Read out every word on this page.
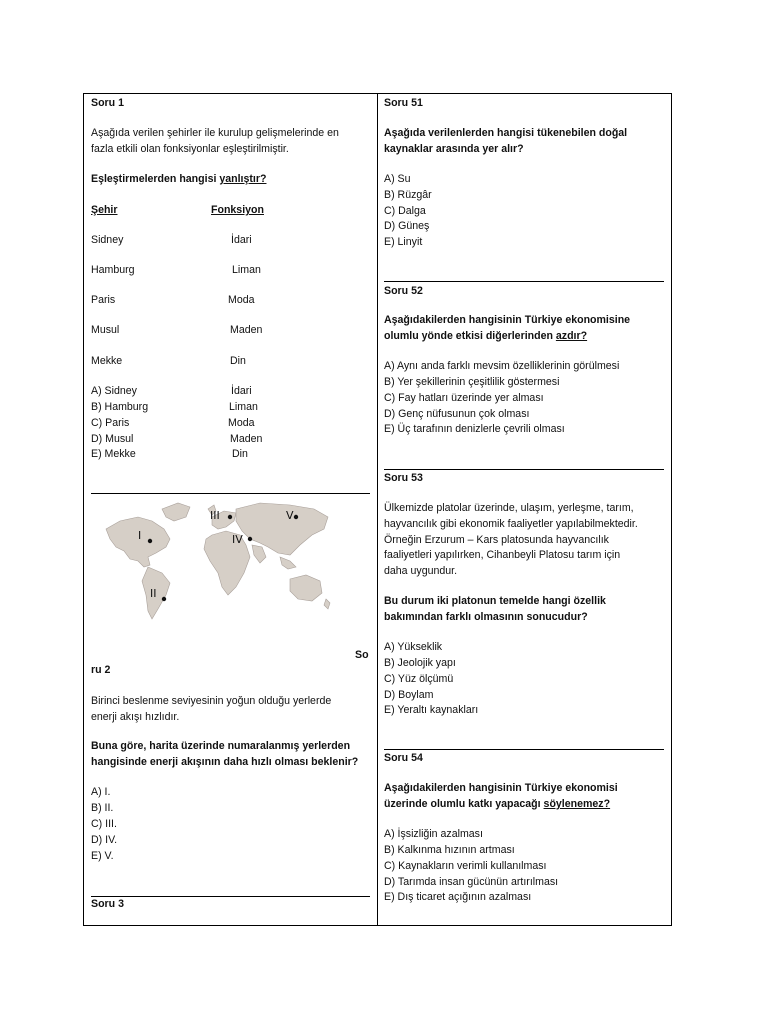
Soru 1
Aşağıda verilen şehirler ile kurulup gelişmelerinde en
fazla etkili olan fonksiyonlar eşleştirilmiştir.
Eşleştirmelerden hangisi yanlıştır?
Şehir	Fonksiyon
Sidney	İdari
Hamburg	Liman
Paris	Moda
Musul	Maden
Mekke	Din
A) Sidney	İdari
B) Hamburg	Liman
C) Paris	Moda
D) Musul	Maden
E) Mekke	Din
I
II
III
IV
V
So
ru 2
Birinci beslenme seviyesinin yoğun olduğu yerlerde
enerji akışı hızlıdır.
Buna göre, harita üzerinde numaralanmış yerlerden
hangisinde enerji akışının daha hızlı olması beklenir?
A) I.
B) II.
C) III.
D) IV.
E) V.
Soru 3
Soru 51
Aşağıda verilenlerden hangisi tükenebilen doğal
kaynaklar arasında yer alır?
A) Su
B) Rüzgâr
C) Dalga
D) Güneş
E) Linyit
Soru 52
Aşağıdakilerden hangisinin Türkiye ekonomisine
olumlu yönde etkisi diğerlerinden azdır?
A) Aynı anda farklı mevsim özelliklerinin görülmesi
B) Yer şekillerinin çeşitlilik göstermesi
C) Fay hatları üzerinde yer alması
D) Genç nüfusunun çok olması
E) Üç tarafının denizlerle çevrili olması
Soru 53
Ülkemizde platolar üzerinde, ulaşım, yerleşme, tarım,
hayvancılık gibi ekonomik faaliyetler yapılabilmektedir.
Örneğin Erzurum – Kars platosunda hayvancılık
faaliyetleri yapılırken, Cihanbeyli Platosu tarım için
daha uygundur.
Bu durum iki platonun temelde hangi özellik
bakımından farklı olmasının sonucudur?
A) Yükseklik
B) Jeolojik yapı
C) Yüz ölçümü
D) Boylam
E) Yeraltı kaynakları
Soru 54
Aşağıdakilerden hangisinin Türkiye ekonomisi
üzerinde olumlu katkı yapacağı söylenemez?
A) İşsizliğin azalması
B) Kalkınma hızının artması
C) Kaynakların verimli kullanılması
D) Tarımda insan gücünün artırılması
E) Dış ticaret açığının azalması
